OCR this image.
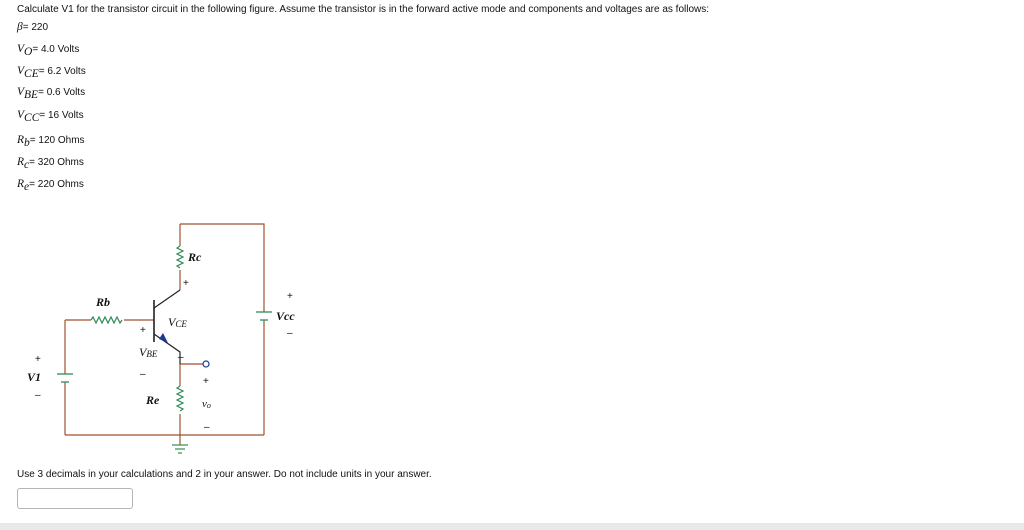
Calculate V1 for the transistor circuit in the following figure. Assume the transistor is in the forward active mode and components and voltages are as follows:
β= 220
$V_O= 4.0$ Volts
$V_{CE}= 6.2$ Volts
$V_{BE}= 0.6$ Volts
$V_{CC}= 16$ Volts
$R_b= 120$ Ohms
$R_c= 320$ Ohms
$R_e= 220$ Ohms
Rc
+
Rb
Re
Vcc
+
–
V1
+
–
VCE
–
VBE
+
–
+
vo
–
Use 3 decimals in your calculations and 2 in your answer. Do not include units in your answer.
